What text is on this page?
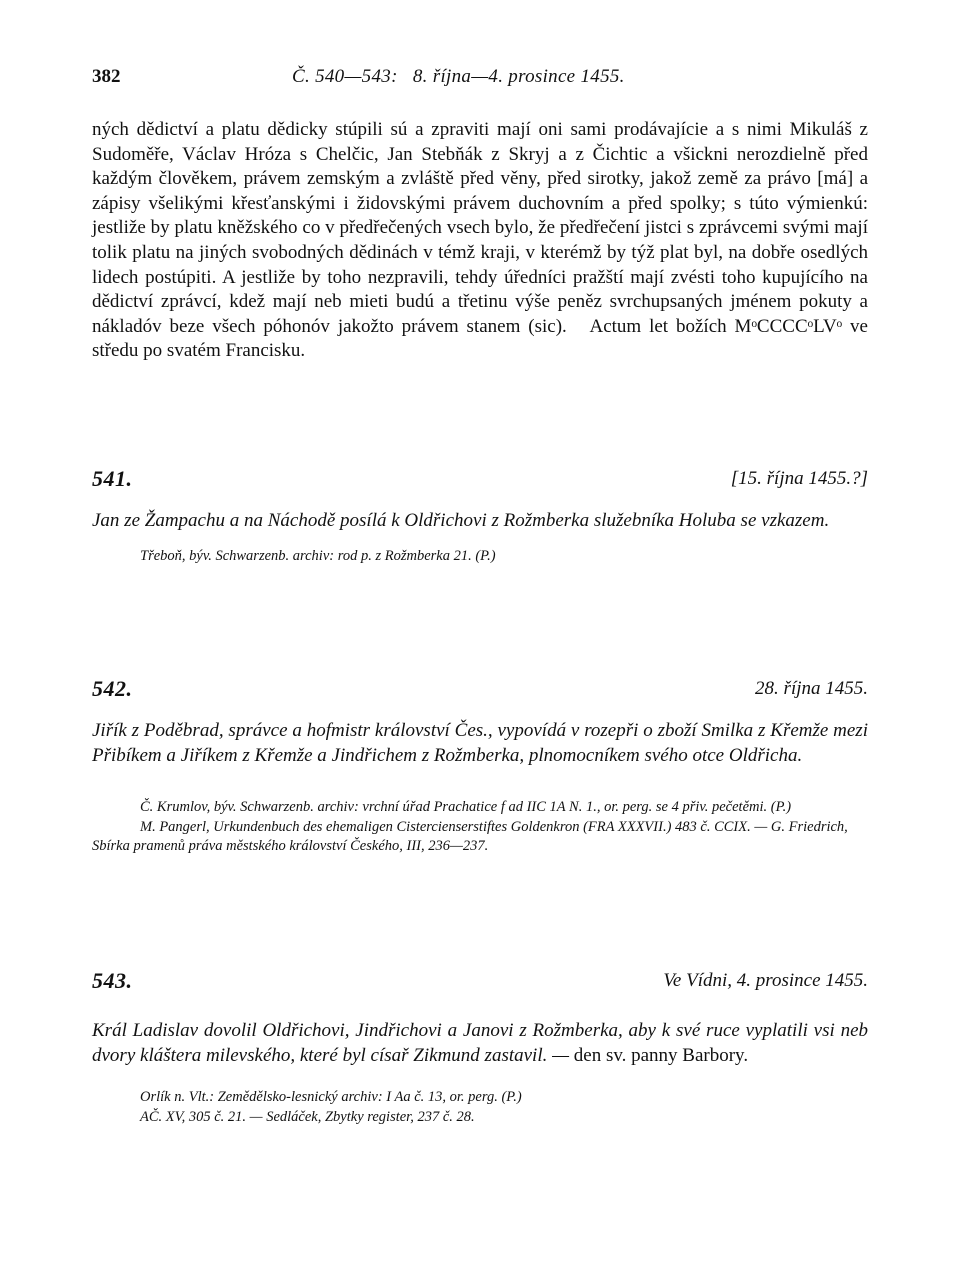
382	Č. 540—543:   8. října—4. prosince 1455.
ných dědictví a platu dědicky stúpili sú a zpraviti mají oni sami prodávajície a s nimi Mikuláš z Sudoměře, Václav Hróza s Chelčic, Jan Stebňák z Skryj a z Čichtic a všickni nerozdielně před každým člověkem, právem zemským a zvláště před věny, před sirotky, jakož země za právo [má] a zápisy všelikými křesťanskými i židovskými právem duchovním a před spolky; s túto výmienkú: jestliže by platu kněžského co v předřečených vsech bylo, že předřečení jistci s zprávcemi svými mají tolik platu na jiných svobodných dědinách v témž kraji, v kterémž by týž plat byl, na dobře osedlých lidech postúpiti. A jestliže by toho nezpravili, tehdy úředníci pražští mají zvésti toho kupujícího na dědictví zprávcí, kdež mají neb mieti budú a třetinu výše peněz svrchupsaných jménem pokuty a nákladóv beze všech póhonóv jakožto právem stanem (sic).   Actum let božích MᵒCCCCᵒLVᵒ ve středu po svatém Francisku.
541.	[15. října 1455.?]
Jan ze Žampachu a na Náchodě posílá k Oldřichovi z Rožmberka služebníka Holuba se vzkazem.
Třeboň, býv. Schwarzenb. archiv: rod p. z Rožmberka 21. (P.)
542.	28. října 1455.
Jiřík z Poděbrad, správce a hofmistr království Čes., vypovídá v rozepři o zboží Smilka z Křemže mezi Přibíkem a Jiříkem z Křemže a Jindřichem z Rožmberka, plnomocníkem svého otce Oldřicha.
Č. Krumlov, býv. Schwarzenb. archiv: vrchní úřad Prachatice f ad IIC 1A N. 1., or. perg. se 4 přiv. pečetěmi. (P.)
M. Pangerl, Urkundenbuch des ehemaligen Cistercienserstiftes Goldenkron (FRA XXXVII.) 483 č. CCIX. — G. Friedrich, Sbírka pramenů práva městského království Českého, III, 236—237.
543.	Ve Vídni, 4. prosince 1455.
Král Ladislav dovolil Oldřichovi, Jindřichovi a Janovi z Rožmberka, aby k své ruce vyplatili vsi neb dvory kláštera milevského, které byl císař Zikmund zastavil. — den sv. panny Barbory.
Orlík n. Vlt.: Zemědělsko-lesnický archiv: I Aa č. 13, or. perg. (P.)
AČ. XV, 305 č. 21. — Sedláček, Zbytky register, 237 č. 28.
